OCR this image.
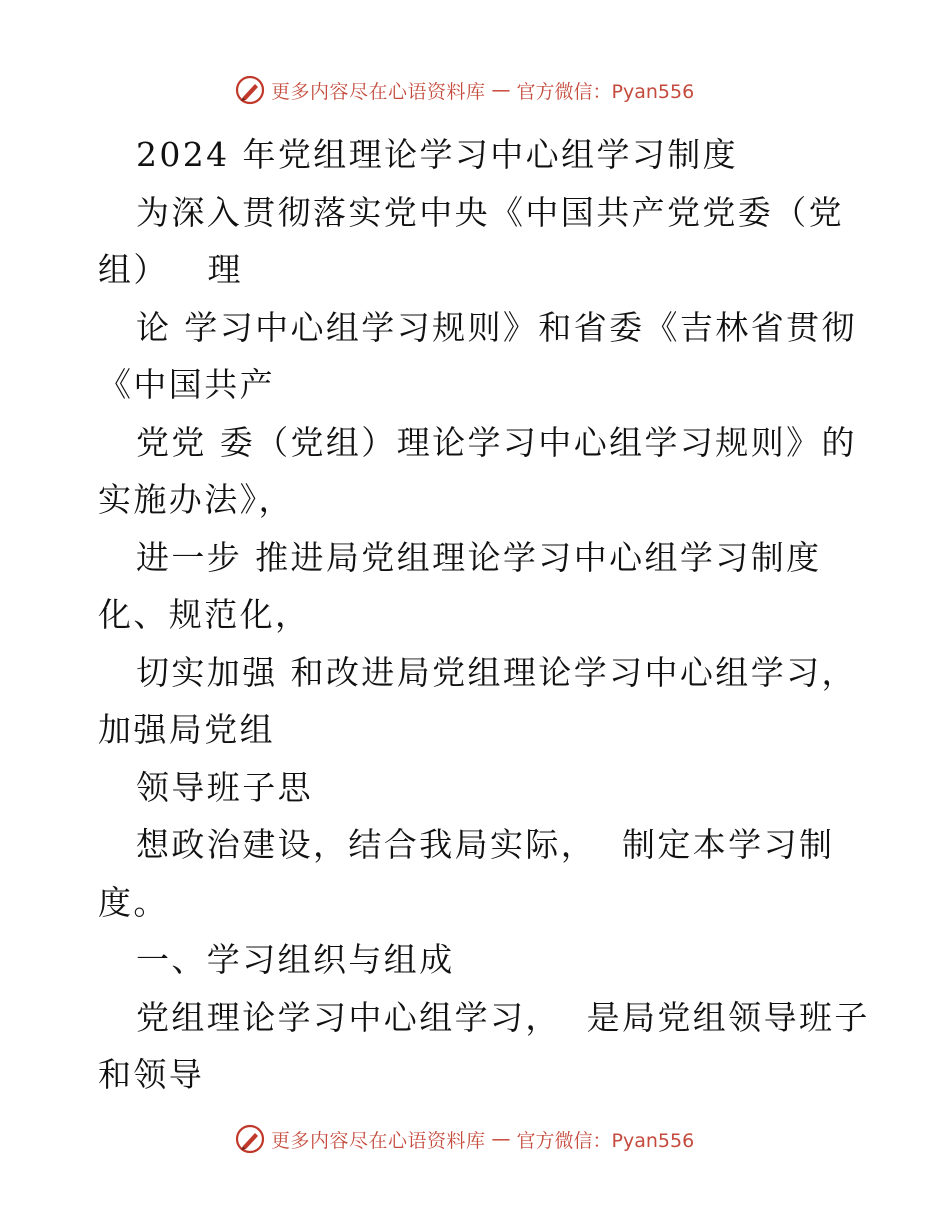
更多内容尽在心语资料库 — 官方微信：Pyan556
2024 年党组理论学习中心组学习制度
为深入贯彻落实党中央《中国共产党党委（党
组）   理
论 学习中心组学习规则》和省委《吉林省贯彻
《中国共产
党党 委（党组）理论学习中心组学习规则》的
实施办法》，
进一步 推进局党组理论学习中心组学习制度
化、规范化，
切实加强 和改进局党组理论学习中心组学习，
加强局党组
领导班子思
想政治建设，结合我局实际，  制定本学习制
度。
一、学习组织与组成
党组理论学习中心组学习，  是局党组领导班子
和领导
更多内容尽在心语资料库 — 官方微信：Pyan556
